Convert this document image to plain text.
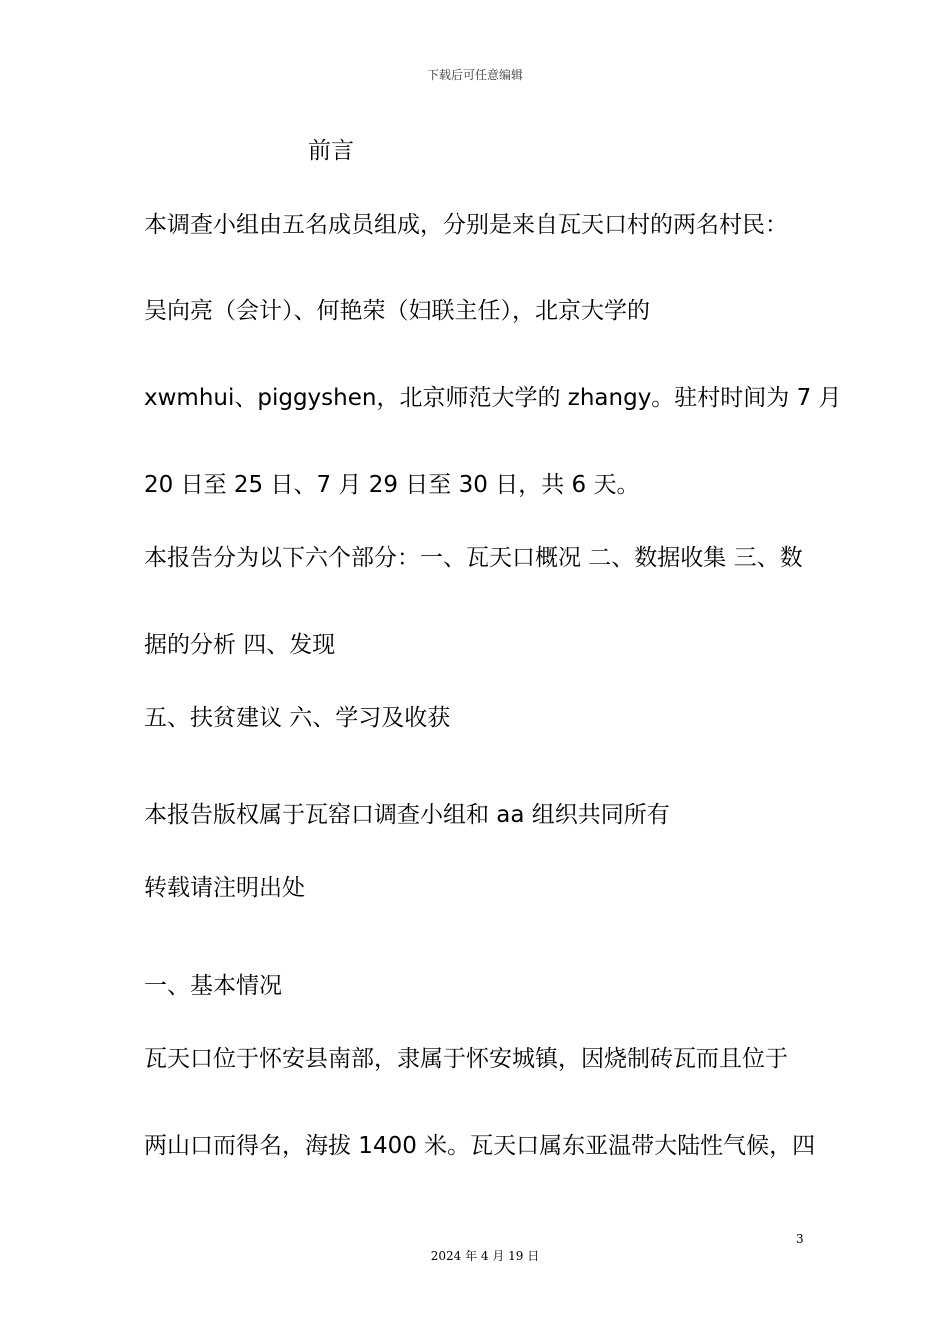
下载后可任意编辑
前言
本调查小组由五名成员组成，分别是来自瓦天口村的两名村民：
吴向亮（会计）、何艳荣（妇联主任），北京大学的
xwmhui、piggyshen，北京师范大学的 zhangy。驻村时间为 7 月
20 日至 25 日、7 月 29 日至 30 日，共 6 天。
本报告分为以下六个部分：一、瓦天口概况 二、数据收集 三、数
据的分析 四、发现
五、扶贫建议 六、学习及收获
本报告版权属于瓦窑口调查小组和 aa 组织共同所有
转载请注明出处
一、基本情况
瓦天口位于怀安县南部，隶属于怀安城镇，因烧制砖瓦而且位于
两山口而得名，海拔 1400 米。瓦天口属东亚温带大陆性气候，四
3
2024 年 4 月 19 日
